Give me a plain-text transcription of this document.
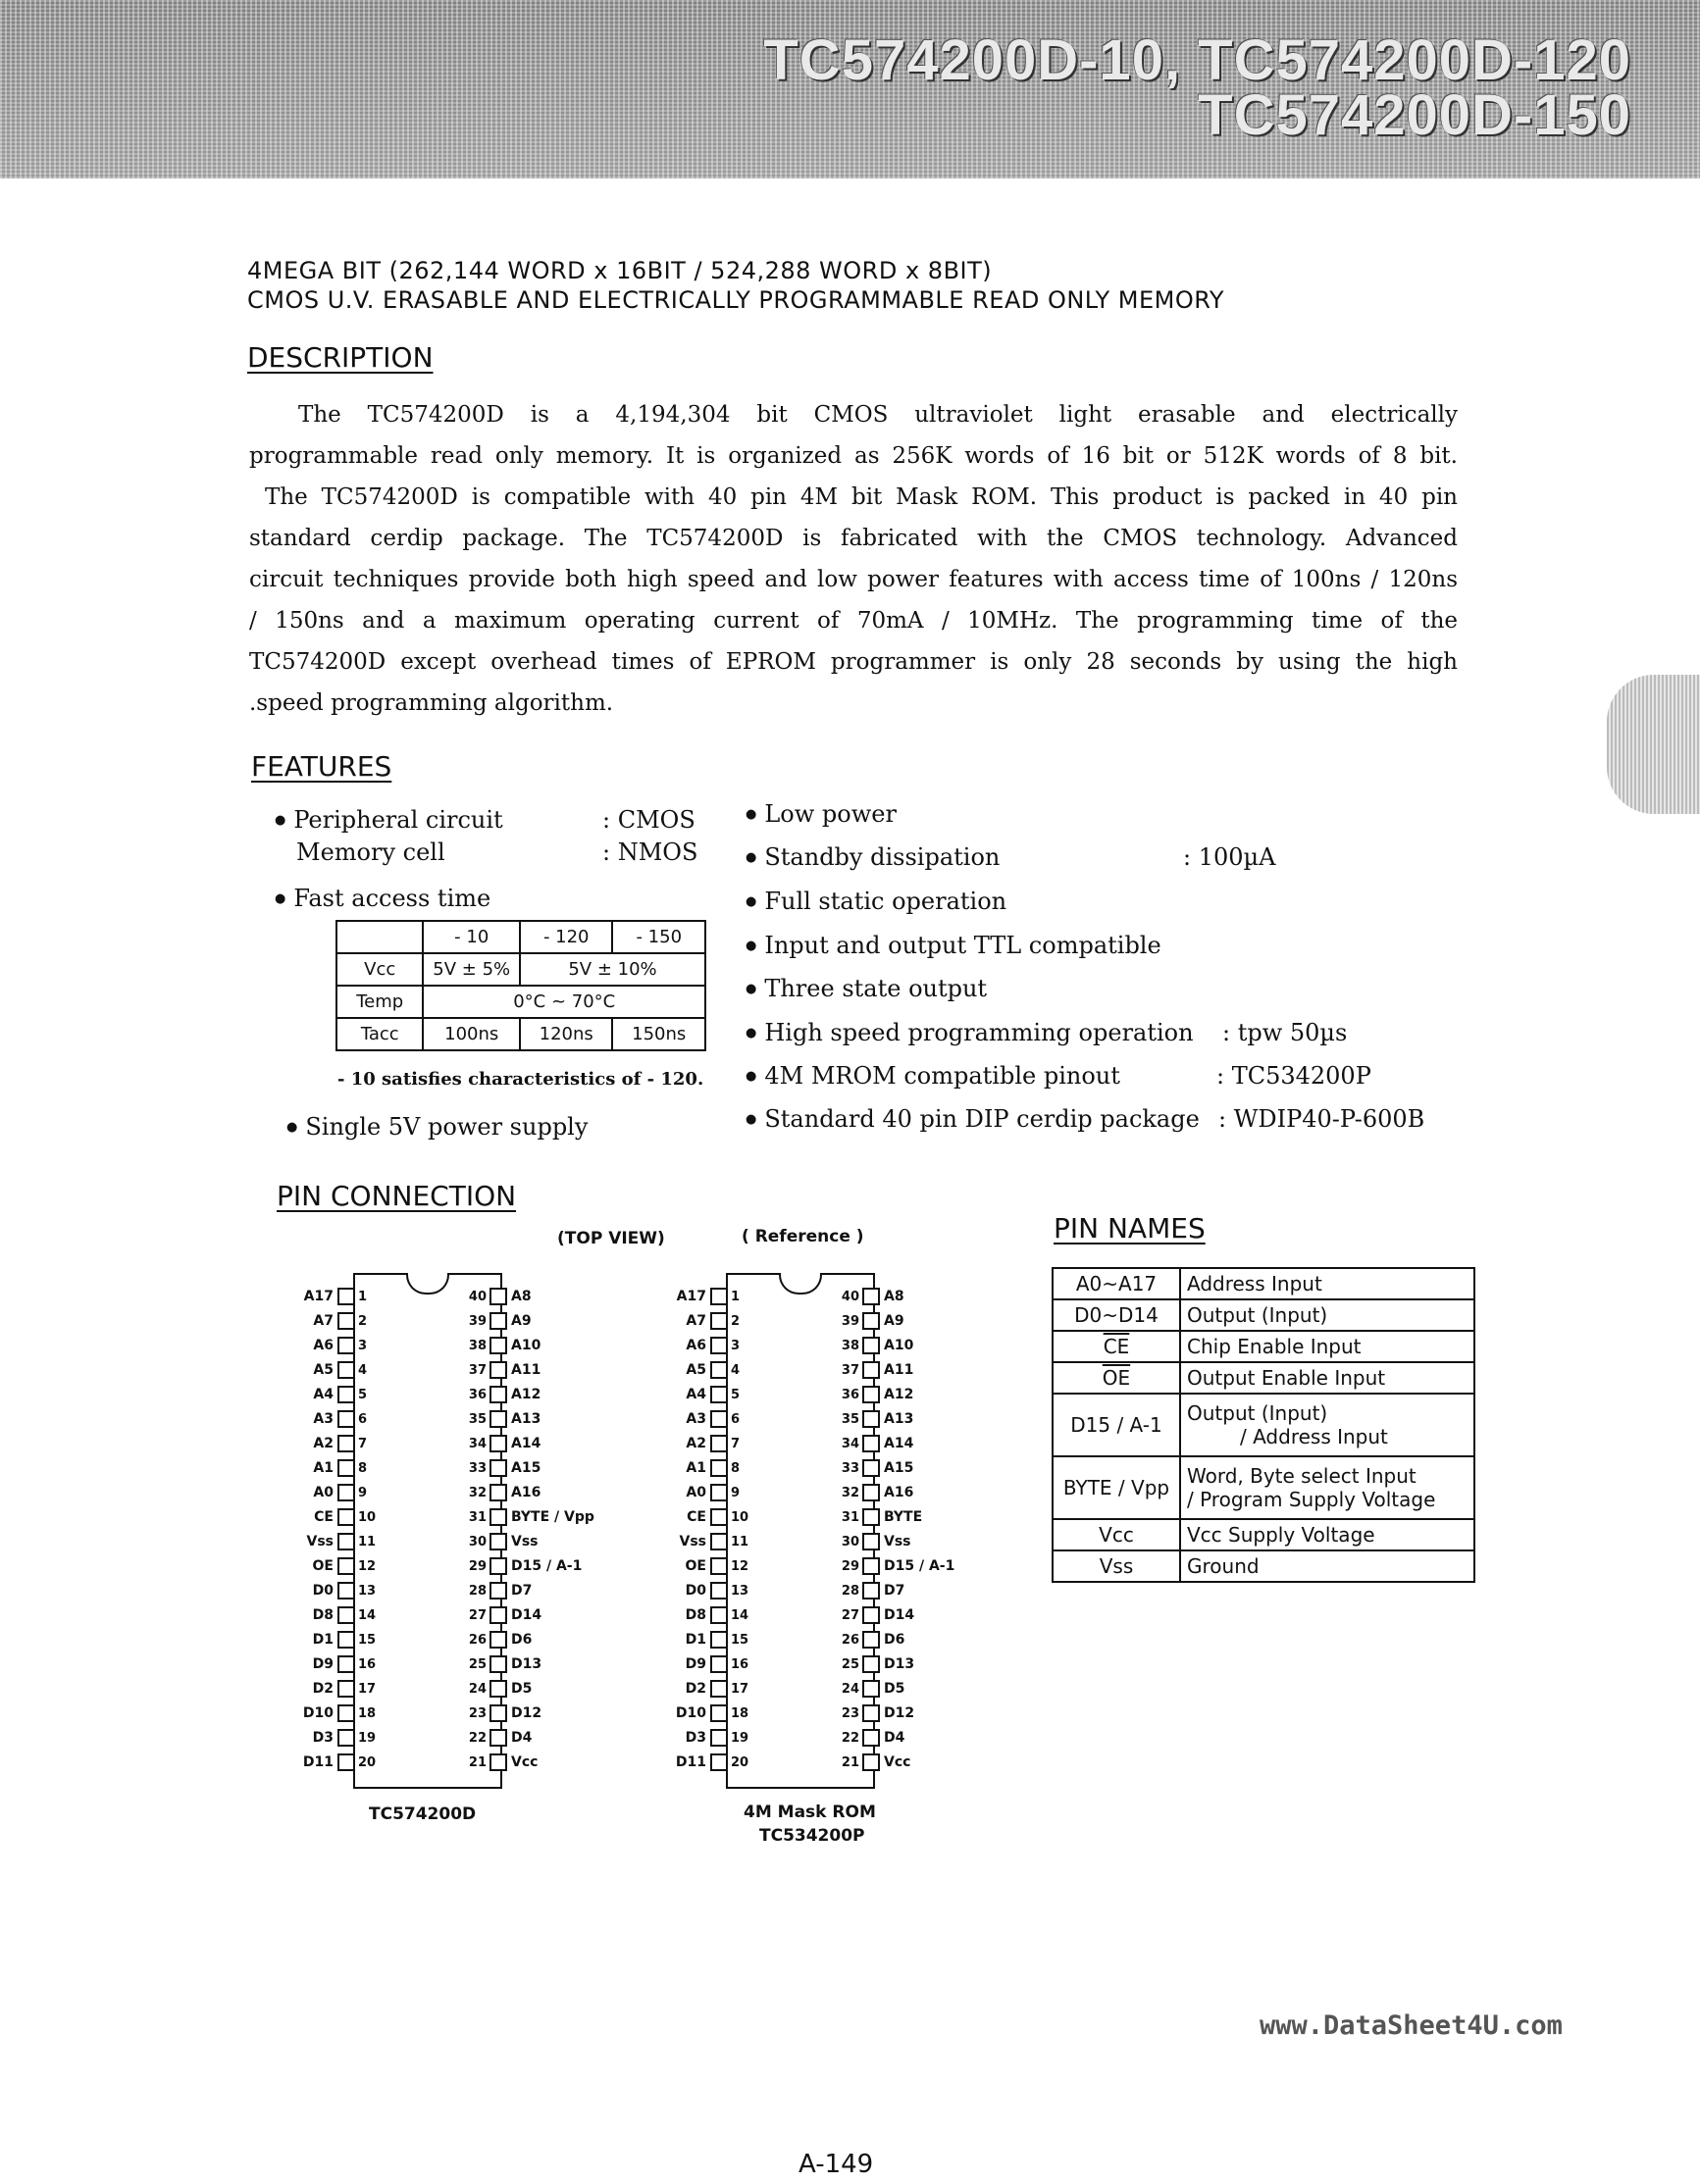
TC574200D-10, TC574200D-120
TC574200D-150
4MEGA BIT (262,144 WORD x 16BIT / 524,288 WORD x 8BIT)
CMOS U.V. ERASABLE AND ELECTRICALLY PROGRAMMABLE READ ONLY MEMORY
DESCRIPTION

The TC574200D is a 4,194,304 bit CMOS ultraviolet light erasable and electrically

programmable read only memory. It is organized as 256K words of 16 bit or 512K words of 8 bit.

The TC574200D is compatible with 40 pin 4M bit Mask ROM. This product is packed in 40 pin

standard cerdip package. The TC574200D is fabricated with the CMOS technology. Advanced

circuit techniques provide both high speed and low power features with access time of 100ns / 120ns

/ 150ns and a maximum operating current of 70mA / 10MHz. The programming time of the

TC574200D except overhead times of EPROM programmer is only 28 seconds by using the high

.speed programming algorithm.

FEATURES
● Peripheral circuit	: CMOS
Memory cell	: NMOS
● Fast access time
	- 10	- 120	- 150
Vcc	5V ± 5%	5V ± 10%	
Temp	0°C ~ 70°C		
Tacc	100ns	120ns	150ns
- 10 satisfies characteristics of - 120.
● Single 5V power supply
● Low power
● Standby dissipation	: 100µA
● Full static operation
● Input and output TTL compatible
● Three state output
● High speed programming operation : tpw 50µs
● 4M MROM compatible pinout	: TC534200P
● Standard 40 pin DIP cerdip package : WDIP40-P-600B
PIN CONNECTION
(TOP VIEW)	( Reference )
A17	1	40 A8
A7	2	39 A9
A6	3	38 A10
A5	4	37 A11
A4	5	36 A12
A3	6	35 A13
A2	7	34 A14
A1	8	33 A15
A0	9	32 A16
CE	10	31 BYTE / Vpp
Vss	11	30 Vss
OE	12	29 D15 / A-1
D0	13	28 D7
D8	14	27 D14
D1	15	26 D6
D9	16	25 D13
D2	17	24 D5
D10	18	23 D12
D3	19	22 D4
D11	20	21 Vcc
TC574200D
A17	1	40 A8
A7	2	39 A9
A6	3	38 A10
A5	4	37 A11
A4	5	36 A12
A3	6	35 A13
A2	7	34 A14
A1	8	33 A15
A0	9	32 A16
CE	10	31 BYTE
Vss	11	30 Vss
OE	12	29 D15 / A-1
D0	13	28 D7
D8	14	27 D14
D1	15	26 D6
D9	16	25 D13
D2	17	24 D5
D10	18	23 D12
D3	19	22 D4
D11	20	21 Vcc
4M Mask ROM
TC534200P
PIN NAMES
A0~A17	Address Input
D0~D14	Output (Input)
$\overline{CE}$	Chip Enable Input
$\overline{OE}$	Output Enable Input
D15 / A-1	Output (Input)
/ Address Input

BYTE / Vpp	Word, Byte select Input
/ Program Supply Voltage

Vcc	Vcc Supply Voltage
Vss	Ground
www.DataSheet4U.com
A-149
